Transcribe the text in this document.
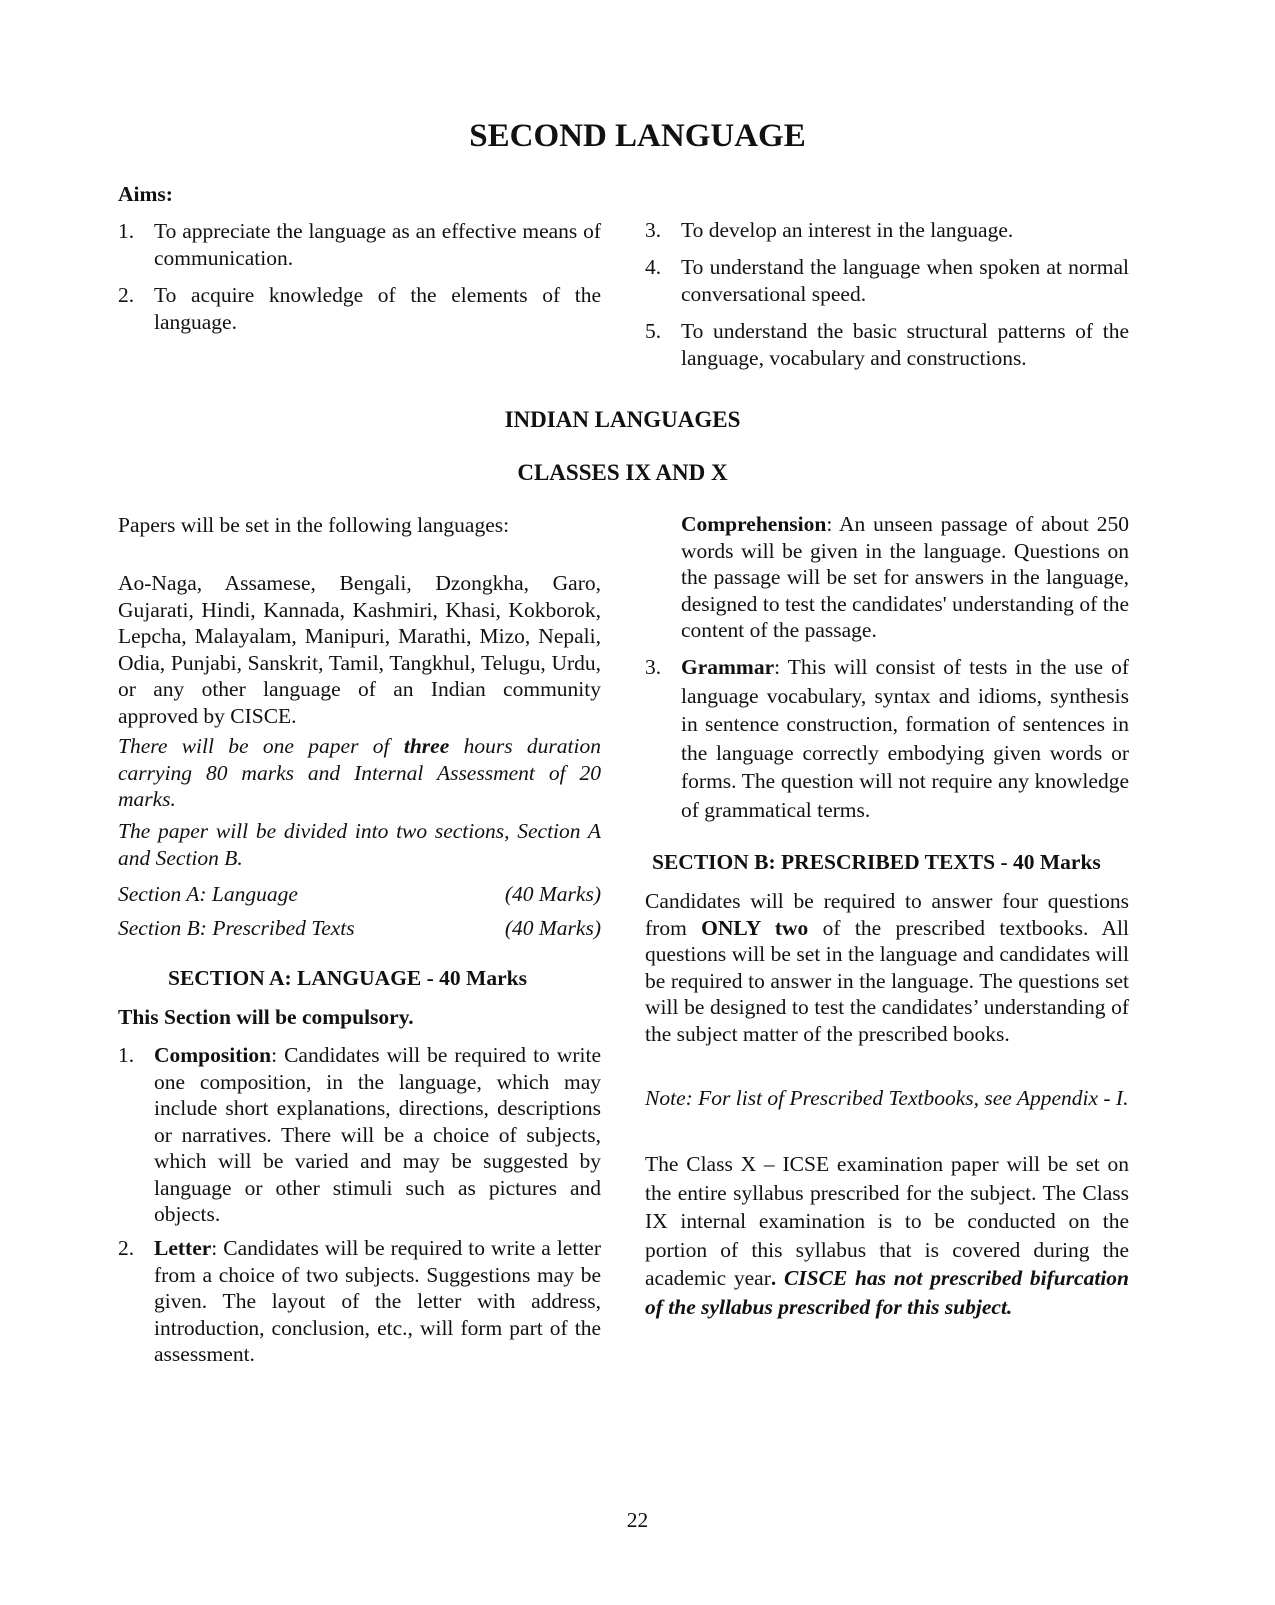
SECOND LANGUAGE

Aims:

1. To appreciate the language as an effective means of communication.
2. To acquire knowledge of the elements of the language.
3. To develop an interest in the language.
4. To understand the language when spoken at normal conversational speed.
5. To understand the basic structural patterns of the language, vocabulary and constructions.

INDIAN LANGUAGES

CLASSES IX AND X

Papers will be set in the following languages:

Ao-Naga, Assamese, Bengali, Dzongkha, Garo, Gujarati, Hindi, Kannada, Kashmiri, Khasi, Kokborok, Lepcha, Malayalam, Manipuri, Marathi, Mizo, Nepali, Odia, Punjabi, Sanskrit, Tamil, Tangkhul, Telugu, Urdu, or any other language of an Indian community approved by CISCE.

There will be one paper of three hours duration carrying 80 marks and Internal Assessment of 20 marks.

The paper will be divided into two sections, Section A and Section B.

Section A: Language	(40 Marks)
Section B: Prescribed Texts	(40 Marks)

SECTION A: LANGUAGE - 40 Marks

This Section will be compulsory.

1. Composition: Candidates will be required to write one composition, in the language, which may include short explanations, directions, descriptions or narratives. There will be a choice of subjects, which will be varied and may be suggested by language or other stimuli such as pictures and objects.
2. Letter: Candidates will be required to write a letter from a choice of two subjects. Suggestions may be given. The layout of the letter with address, introduction, conclusion, etc., will form part of the assessment.
Comprehension: An unseen passage of about 250 words will be given in the language. Questions on the passage will be set for answers in the language, designed to test the candidates' understanding of the content of the passage.
3. Grammar: This will consist of tests in the use of language vocabulary, syntax and idioms, synthesis in sentence construction, formation of sentences in the language correctly embodying given words or forms. The question will not require any knowledge of grammatical terms.

SECTION B: PRESCRIBED TEXTS - 40 Marks

Candidates will be required to answer four questions from ONLY two of the prescribed textbooks. All questions will be set in the language and candidates will be required to answer in the language. The questions set will be designed to test the candidates’ understanding of the subject matter of the prescribed books.

Note: For list of Prescribed Textbooks, see Appendix - I.

The Class X – ICSE examination paper will be set on the entire syllabus prescribed for the subject. The Class IX internal examination is to be conducted on the portion of this syllabus that is covered during the academic year. CISCE has not prescribed bifurcation of the syllabus prescribed for this subject.

22
